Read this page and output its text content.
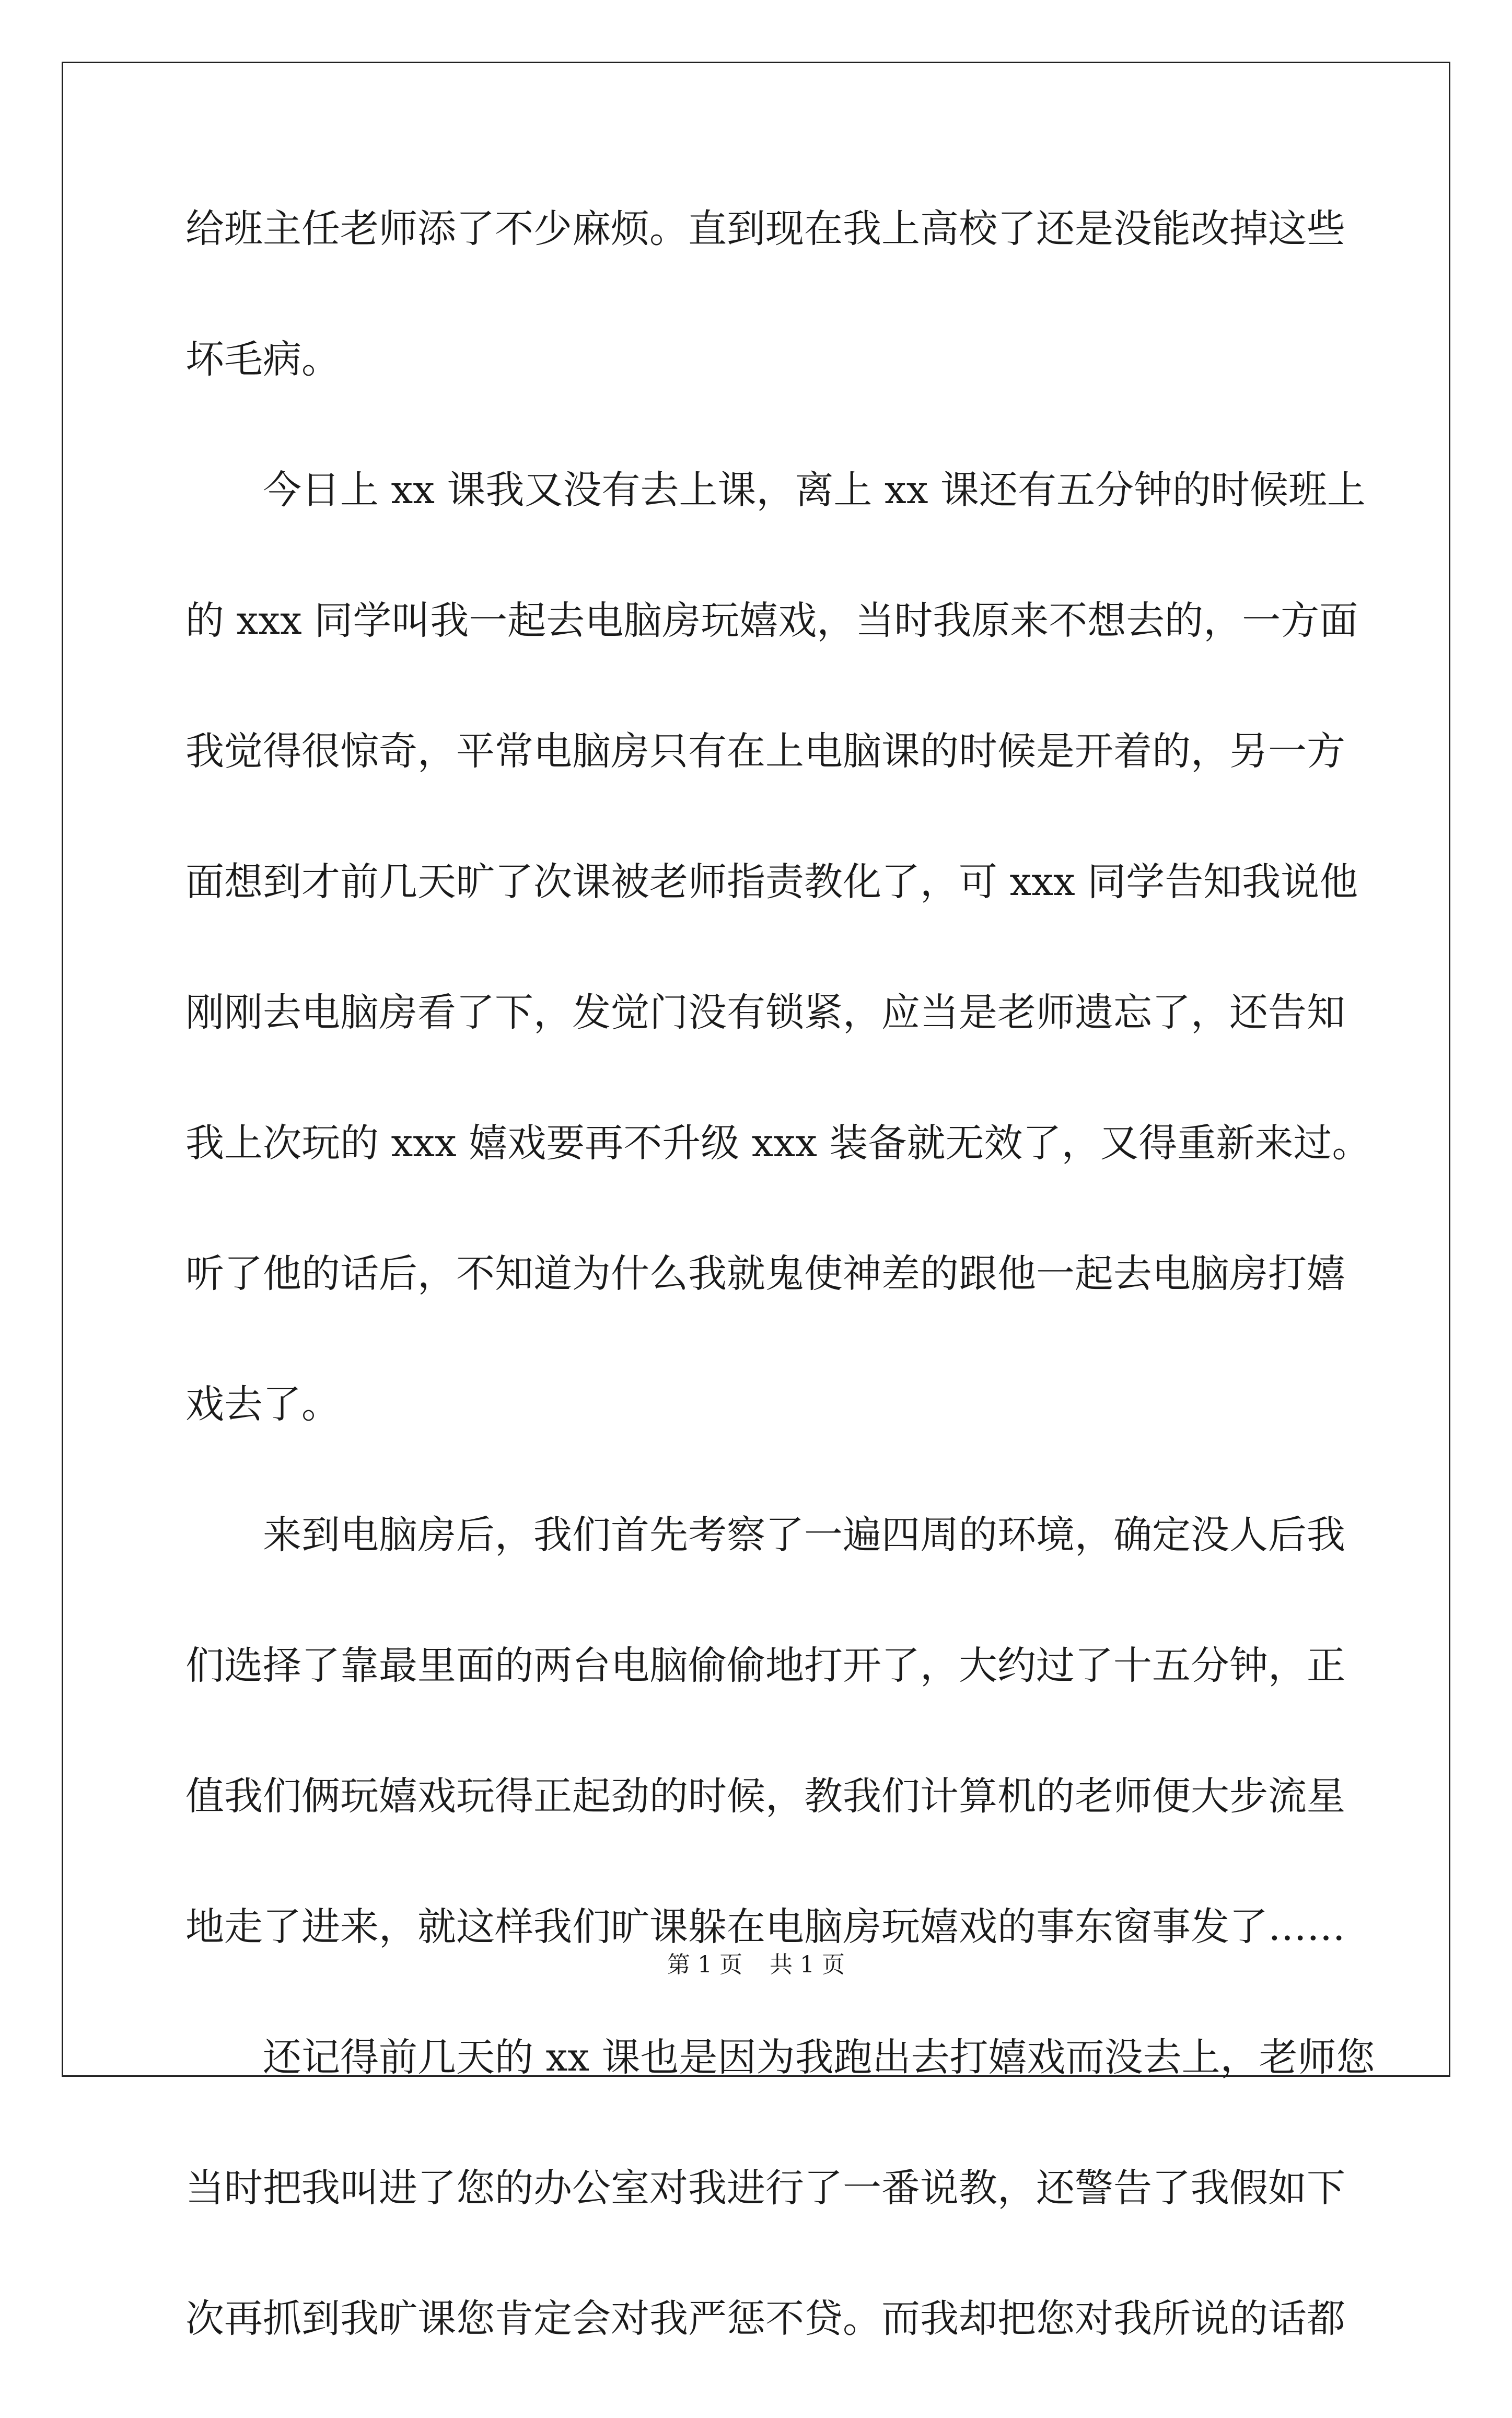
给班主任老师添了不少麻烦。直到现在我上高校了还是没能改掉这些
坏毛病。
今日上 xx 课我又没有去上课，离上 xx 课还有五分钟的时候班上
的 xxx 同学叫我一起去电脑房玩嬉戏，当时我原来不想去的，一方面
我觉得很惊奇，平常电脑房只有在上电脑课的时候是开着的，另一方
面想到才前几天旷了次课被老师指责教化了，可 xxx 同学告知我说他
刚刚去电脑房看了下，发觉门没有锁紧，应当是老师遗忘了，还告知
我上次玩的 xxx 嬉戏要再不升级 xxx 装备就无效了，又得重新来过。
听了他的话后，不知道为什么我就鬼使神差的跟他一起去电脑房打嬉
戏去了。
来到电脑房后，我们首先考察了一遍四周的环境，确定没人后我
们选择了靠最里面的两台电脑偷偷地打开了，大约过了十五分钟，正
值我们俩玩嬉戏玩得正起劲的时候，教我们计算机的老师便大步流星
地走了进来，就这样我们旷课躲在电脑房玩嬉戏的事东窗事发了……
还记得前几天的 xx 课也是因为我跑出去打嬉戏而没去上，老师您
当时把我叫进了您的办公室对我进行了一番说教，还警告了我假如下
次再抓到我旷课您肯定会对我严惩不贷。而我却把您对我所说的话都
第 1 页 共 1 页
